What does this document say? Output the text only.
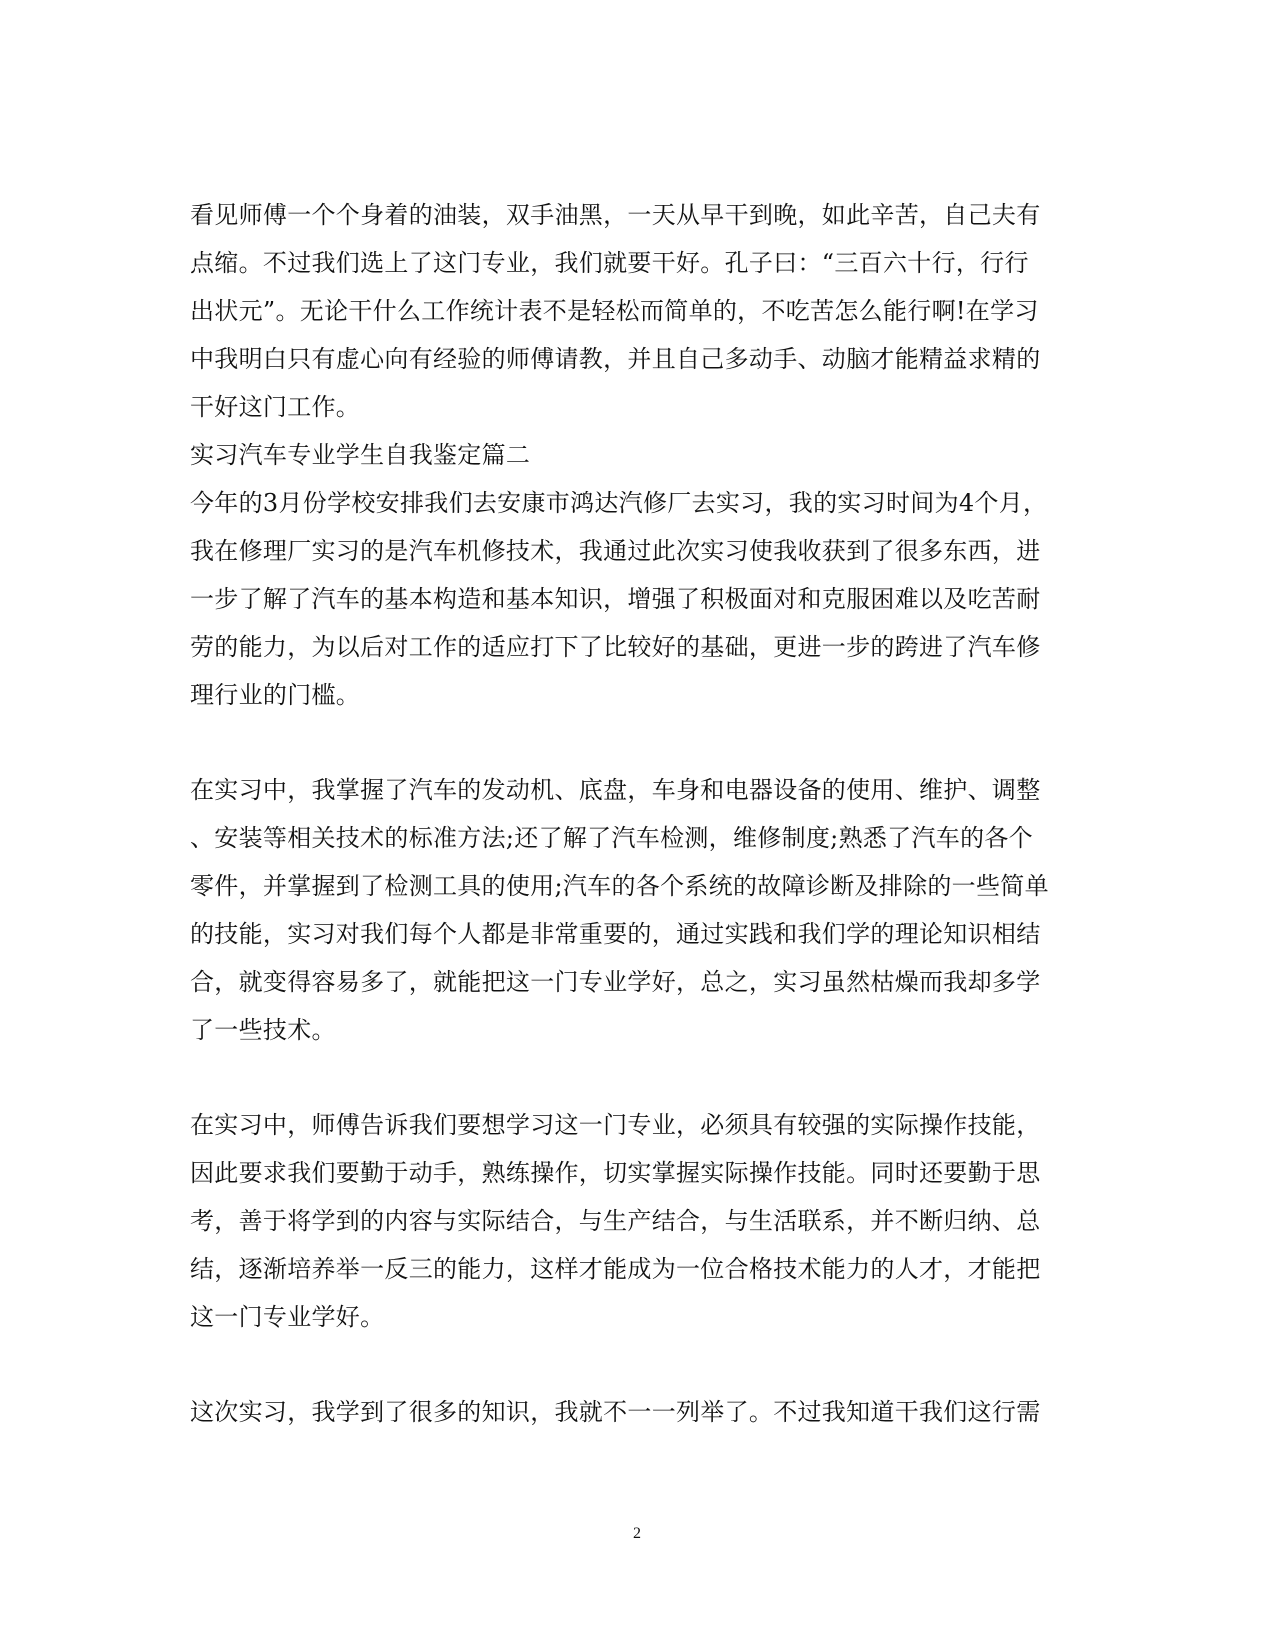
看见师傅一个个身着的油装，双手油黑，一天从早干到晚，如此辛苦，自己夫有
点缩。不过我们选上了这门专业，我们就要干好。孔子曰：“三百六十行，行行
出状元”。无论干什么工作统计表不是轻松而简单的，不吃苦怎么能行啊!在学习
中我明白只有虚心向有经验的师傅请教，并且自己多动手、动脑才能精益求精的
干好这门工作。
实习汽车专业学生自我鉴定篇二
今年的3月份学校安排我们去安康市鸿达汽修厂去实习，我的实习时间为4个月，
我在修理厂实习的是汽车机修技术，我通过此次实习使我收获到了很多东西，进
一步了解了汽车的基本构造和基本知识，增强了积极面对和克服困难以及吃苦耐
劳的能力，为以后对工作的适应打下了比较好的基础，更进一步的跨进了汽车修
理行业的门槛。
在实习中，我掌握了汽车的发动机、底盘，车身和电器设备的使用、维护、调整
、安装等相关技术的标准方法;还了解了汽车检测，维修制度;熟悉了汽车的各个
零件，并掌握到了检测工具的使用;汽车的各个系统的故障诊断及排除的一些简单
的技能，实习对我们每个人都是非常重要的，通过实践和我们学的理论知识相结
合，就变得容易多了，就能把这一门专业学好，总之，实习虽然枯燥而我却多学
了一些技术。
在实习中，师傅告诉我们要想学习这一门专业，必须具有较强的实际操作技能，
因此要求我们要勤于动手，熟练操作，切实掌握实际操作技能。同时还要勤于思
考，善于将学到的内容与实际结合，与生产结合，与生活联系，并不断归纳、总
结，逐渐培养举一反三的能力，这样才能成为一位合格技术能力的人才，才能把
这一门专业学好。
这次实习，我学到了很多的知识，我就不一一列举了。不过我知道干我们这行需
2
